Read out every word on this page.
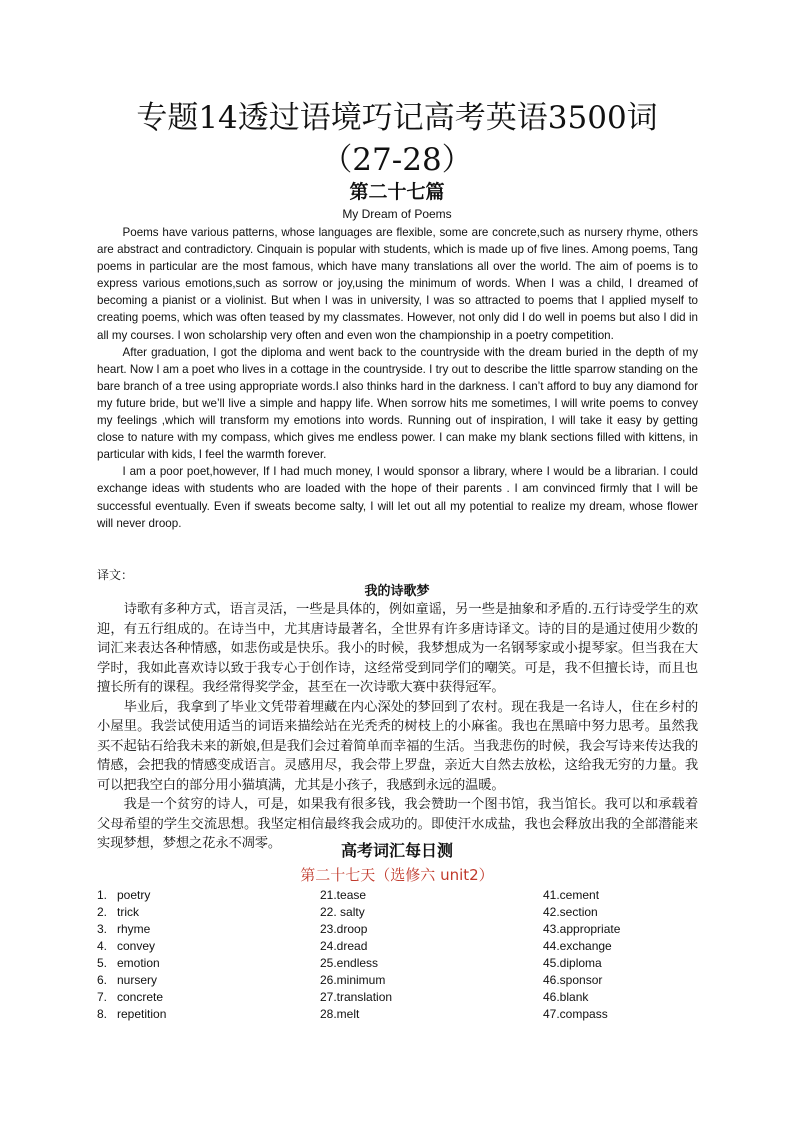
专题14透过语境巧记高考英语3500词
（27-28）
第二十七篇
My Dream of Poems

Poems have various patterns, whose languages are flexible, some are concrete,such as nursery rhyme, others are abstract and contradictory. Cinquain is popular with students, which is made up of five lines. Among poems, Tang poems in particular are the most famous, which have many translations all over the world. The aim of poems is to express various emotions,such as sorrow or joy,using the minimum of words. When I was a child, I dreamed of becoming a pianist or a violinist. But when I was in university, I was so attracted to poems that I applied myself to creating poems, which was often teased by my classmates. However, not only did I do well in poems but also I did in all my courses. I won scholarship very often and even won the championship in a poetry competition.

After graduation, I got the diploma and went back to the countryside with the dream buried in the depth of my heart. Now I am a poet who lives in a cottage in the countryside. I try out to describe the little sparrow standing on the bare branch of a tree using appropriate words.I also thinks hard in the darkness. I can’t afford to buy any diamond for my future bride, but we’ll live a simple and happy life. When sorrow hits me sometimes, I will write poems to convey my feelings ,which will transform my emotions into words. Running out of inspiration, I will take it easy by getting close to nature with my compass, which gives me endless power. I can make my blank sections filled with kittens, in particular with kids, I feel the warmth forever.

I am a poor poet,however, If I had much money, I would sponsor a library, where I would be a librarian. I could exchange ideas with students who are loaded with the hope of their parents . I am convinced firmly that I will be successful eventually. Even if sweats become salty, I will let out all my potential to realize my dream, whose flower will never droop.

译文：
我的诗歌梦

诗歌有多种方式，语言灵活，一些是具体的，例如童谣，另一些是抽象和矛盾的.五行诗受学生的欢迎，有五行组成的。在诗当中，尤其唐诗最著名，全世界有许多唐诗译文。诗的目的是通过使用少数的词汇来表达各种情感，如悲伤或是快乐。我小的时候，我梦想成为一名钢琴家或小提琴家。但当我在大学时，我如此喜欢诗以致于我专心于创作诗，这经常受到同学们的嘲笑。可是，我不但擅长诗，而且也擅长所有的课程。我经常得奖学金，甚至在一次诗歌大赛中获得冠军。

毕业后，我拿到了毕业文凭带着埋藏在内心深处的梦回到了农村。现在我是一名诗人，住在乡村的小屋里。我尝试使用适当的词语来描绘站在光秃秃的树枝上的小麻雀。我也在黑暗中努力思考。虽然我买不起钻石给我未来的新娘,但是我们会过着简单而幸福的生活。当我悲伤的时候，我会写诗来传达我的情感，会把我的情感变成语言。灵感用尽，我会带上罗盘，亲近大自然去放松，这给我无穷的力量。我可以把我空白的部分用小猫填满，尤其是小孩子，我感到永远的温暖。

我是一个贫穷的诗人，可是，如果我有很多钱，我会赞助一个图书馆，我当馆长。我可以和承载着父母希望的学生交流思想。我坚定相信最终我会成功的。即使汗水成盐，我也会释放出我的全部潜能来实现梦想，梦想之花永不凋零。	高考词汇每日测
第二十七天（选修六 unit2）
1. poetry
2. trick
3. rhyme
4. convey
5. emotion
6. nursery
7. concrete
8. repetition
21.tease
22. salty
23.droop
24.dread
25.endless
26.minimum
27.translation
28.melt
41.cement
42.section
43.appropriate
44.exchange
45.diploma
46.sponsor
46.blank
47.compass
